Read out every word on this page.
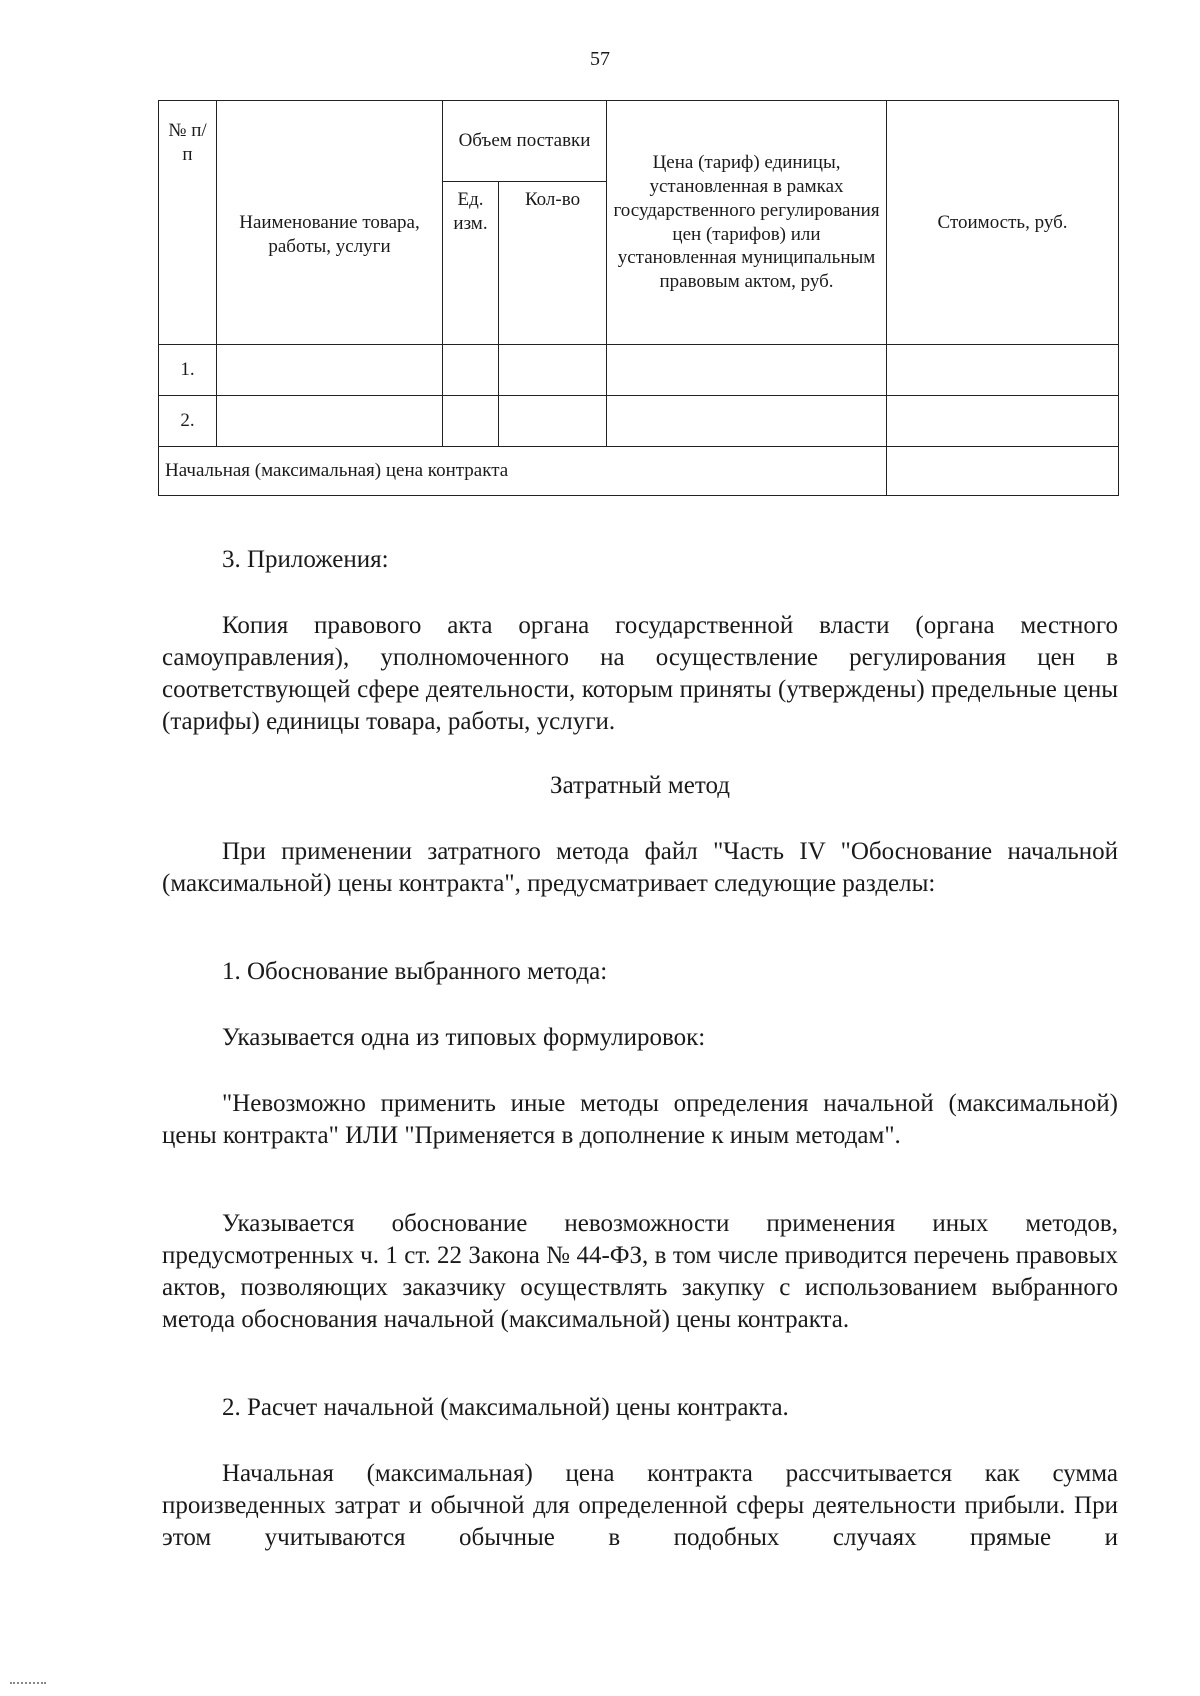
57
№ п/п	Наименование товара, работы, услуги	Объем поставки		Цена (тариф) единицы, установленная в рамках государственного регулирования цен (тарифов) или установленная муниципальным правовым актом, руб.	Стоимость, руб.
		Ед. изм.	Кол-во		
1.					
2.					
Начальная (максимальная) цена контракта					
3. Приложения:
Копия правового акта органа государственной власти (органа местного самоуправления), уполномоченного на осуществление регулирования цен в соответствующей сфере деятельности, которым приняты (утверждены) предельные цены (тарифы) единицы товара, работы, услуги.
Затратный метод
При применении затратного метода файл "Часть IV "Обоснование начальной (максимальной) цены контракта", предусматривает следующие разделы:
1. Обоснование выбранного метода:
Указывается одна из типовых формулировок:
"Невозможно применить иные методы определения начальной (максимальной) цены контракта" ИЛИ "Применяется в дополнение к иным методам".
Указывается обоснование невозможности применения иных методов, предусмотренных ч. 1 ст. 22 Закона № 44-ФЗ, в том числе приводится перечень правовых актов, позволяющих заказчику осуществлять закупку с использованием выбранного метода обоснования начальной (максимальной) цены контракта.
2. Расчет начальной (максимальной) цены контракта.
Начальная (максимальная) цена контракта рассчитывается как сумма произведенных затрат и обычной для определенной сферы деятельности прибыли. При этом учитываются обычные в подобных случаях прямые и
